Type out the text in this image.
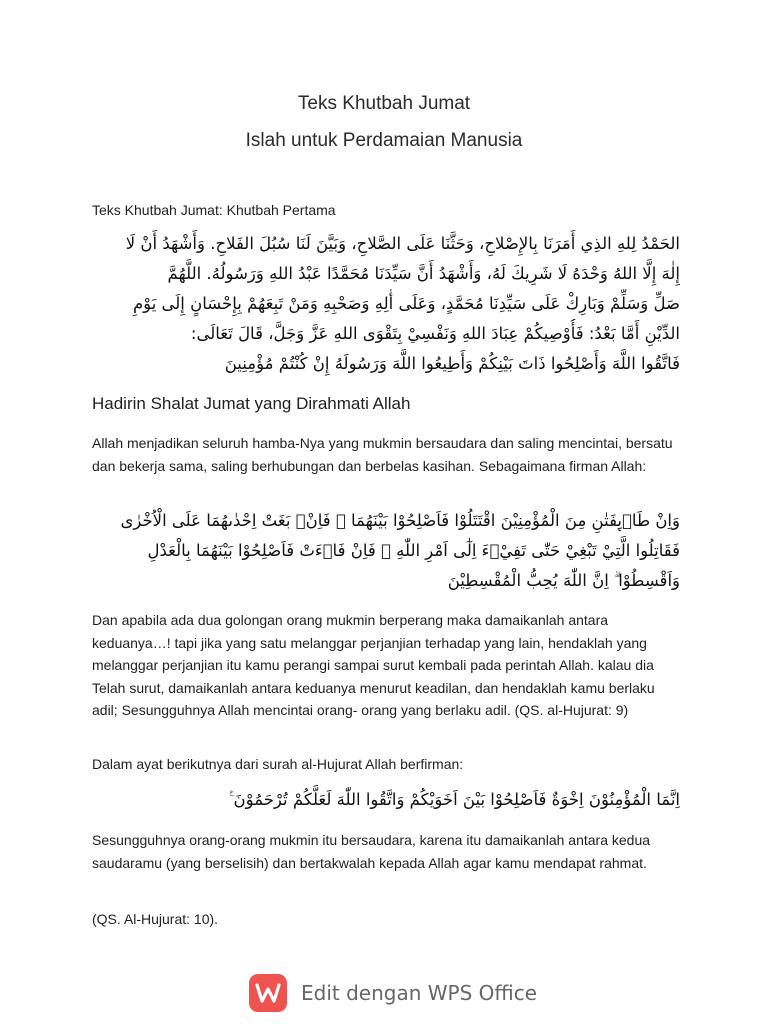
Teks Khutbah Jumat
Islah untuk Perdamaian Manusia

Teks Khutbah Jumat: Khutbah Pertama

الحَمْدُ لِلهِ الذِي أَمَرَنَا بِالإِصْلاحِ، وَحَثَّنَا عَلَى الصَّلاحِ، وَبَيَّنَ لَنَا سُبُلَ الفَلاحِ. وَأَشْهَدُ أَنْ لَا
إِلٰهَ إِلَّا اللهُ وَحْدَهُ لَا شَرِيكَ لَهُ، وَأَشْهَدُ أَنَّ سَيِّدَنَا مُحَمَّدًا عَبْدُ اللهِ وَرَسُولُهُ. اللَّهُمَّ
صَلِّ وَسَلِّمْ وَبَارِكْ عَلَى سَيِّدِنَا مُحَمَّدٍ، وَعَلَى أٰلِهِ وَصَحْبِهِ وَمَنْ تَبِعَهُمْ بِإِحْسَانٍ إِلَى يَوْمِ
الدِّيْنِ أَمَّا بَعْدُ: فَأُوْصِيكُمْ عِبَادَ اللهِ وَنَفْسِيْ بِتَقْوَى اللهِ عَزَّ وَجَلَّ، قَالَ تَعَالَى:
فَاتَّقُوا اللَّهَ وَأَصْلِحُوا ذَاتَ بَيْنِكُمْ وَأَطِيعُوا اللَّهَ وَرَسُولَهُ إِنْ كُنْتُمْ مُؤْمِنِينَ
Hadirin Shalat Jumat yang Dirahmati Allah

Allah menjadikan seluruh hamba-Nya yang mukmin bersaudara dan saling mencintai, bersatu dan bekerja sama, saling berhubungan dan berbelas kasihan. Sebagaimana firman Allah:

وَاِنْ طَاۤىِٕفَتٰنِ مِنَ الْمُؤْمِنِيْنَ اقْتَتَلُوْا فَاَصْلِحُوْا بَيْنَهُمَا ۚ فَاِنْۢ بَغَتْ اِحْدٰىهُمَا عَلَى الْاُخْرٰى
فَقَاتِلُوا الَّتِيْ تَبْغِيْ حَتّٰى تَفِيْۤءَ اِلٰٓى اَمْرِ اللّٰهِ ۖ فَاِنْ فَاۤءَتْ فَاَصْلِحُوْا بَيْنَهُمَا بِالْعَدْلِ
وَاَقْسِطُوْا ۗ اِنَّ اللّٰهَ يُحِبُّ الْمُقْسِطِيْنَ

Dan apabila ada dua golongan orang mukmin berperang maka damaikanlah antara keduanya…! tapi jika yang satu melanggar perjanjian terhadap yang lain, hendaklah yang melanggar perjanjian itu kamu perangi sampai surut kembali pada perintah Allah. kalau dia Telah surut, damaikanlah antara keduanya menurut keadilan, dan hendaklah kamu berlaku adil; Sesungguhnya Allah mencintai orang- orang yang berlaku adil. (QS. al-Hujurat: 9)

Dalam ayat berikutnya dari surah al-Hujurat Allah berfirman:

اِنَّمَا الْمُؤْمِنُوْنَ اِخْوَةٌ فَاَصْلِحُوْا بَيْنَ اَخَوَيْكُمْ وَاتَّقُوا اللّٰهَ لَعَلَّكُمْ تُرْحَمُوْنَ ࣖ

Sesungguhnya orang-orang mukmin itu bersaudara, karena itu damaikanlah antara kedua saudaramu (yang berselisih) dan bertakwalah kepada Allah agar kamu mendapat rahmat.

(QS. Al-Hujurat: 10).

Edit dengan WPS Office
